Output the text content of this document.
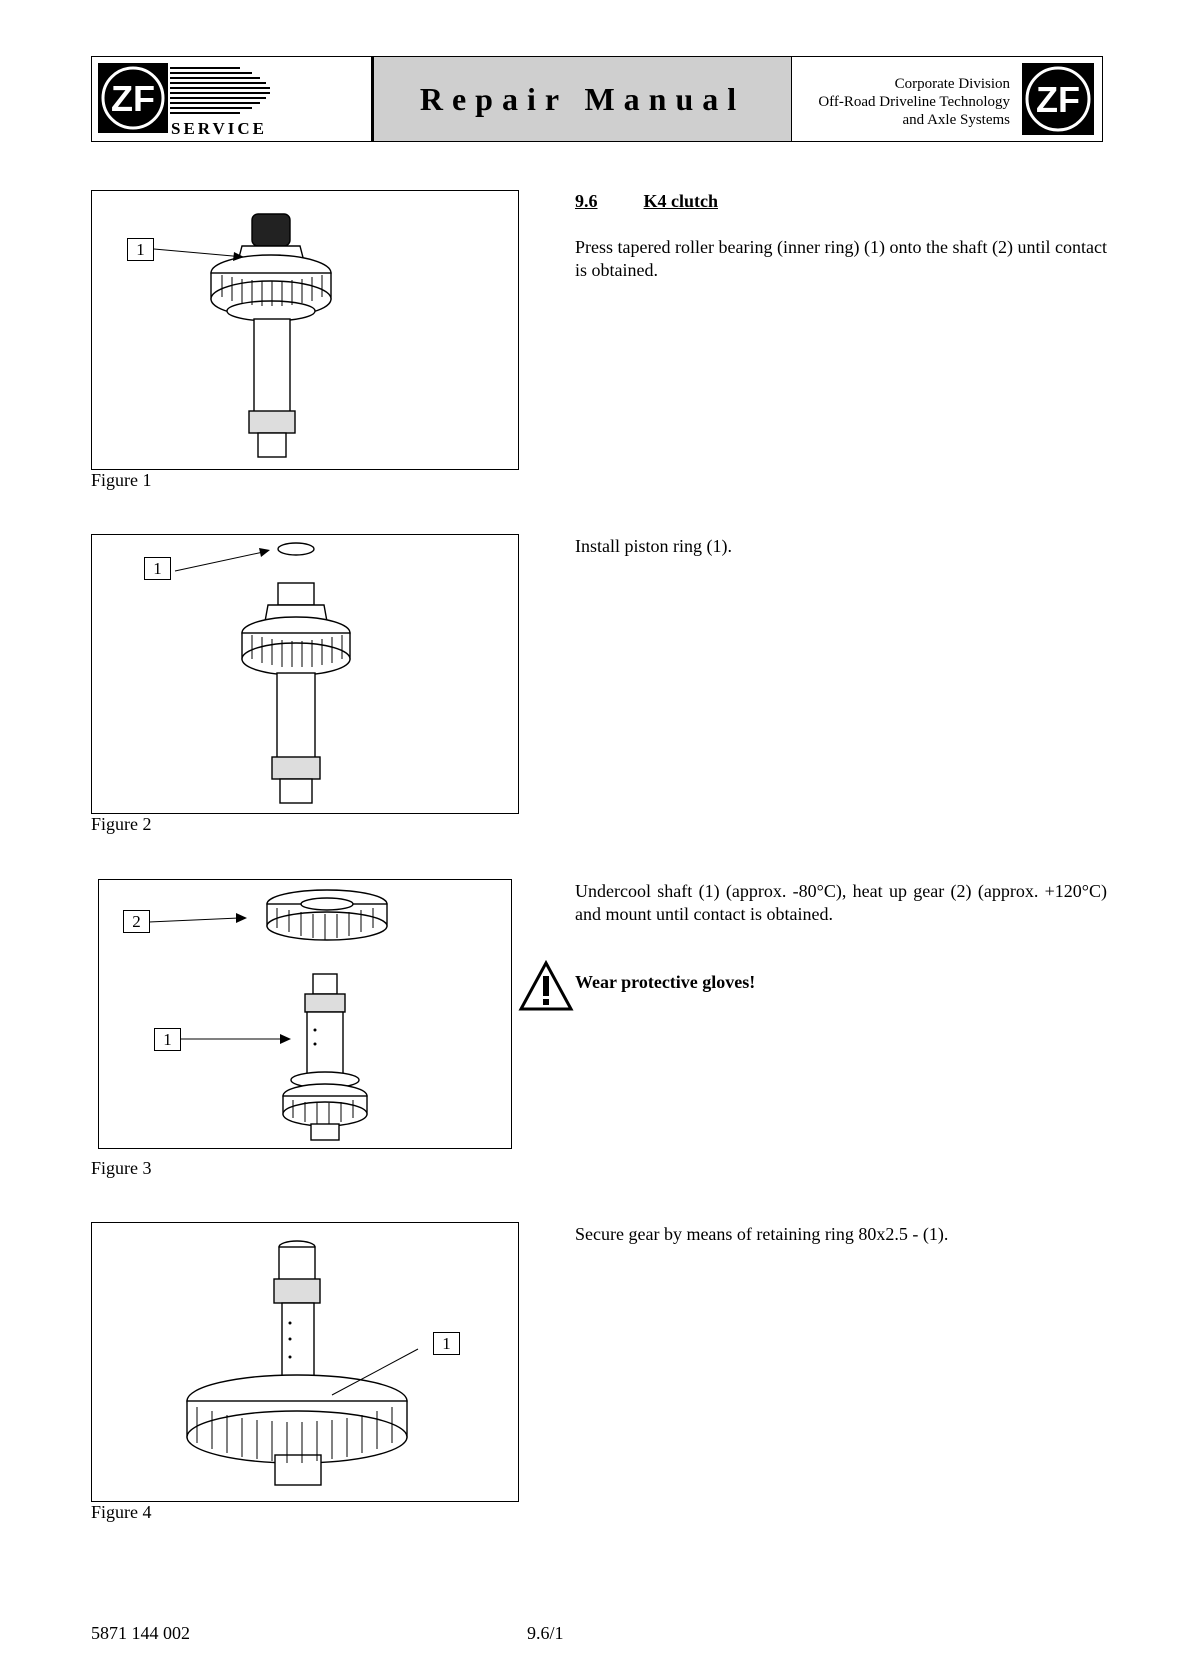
ZF
SERVICE
Repair Manual	Corporate Division
Off-Road Driveline Technology
and Axle Systems ZF
9.6	K4 clutch
1
Figure 1
Press tapered roller bearing (inner ring) (1) onto the shaft (2) until contact is obtained.
1
Figure 2
Install piston ring (1).
2
1
Figure 3
Undercool shaft (1) (approx. -80°C), heat up gear (2) (approx. +120°C) and mount until contact is obtained.
Wear protective gloves!
1
Figure 4
Secure gear by means of retaining ring 80x2.5 - (1).
5871 144 002	9.6/1
